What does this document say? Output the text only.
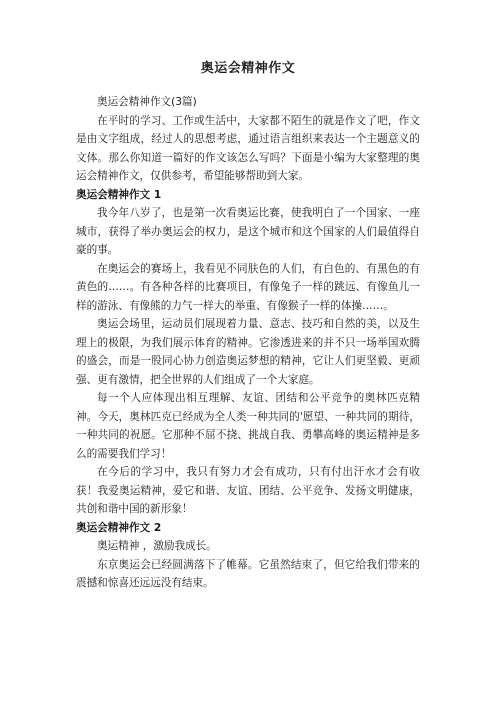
奥运会精神作文

奥运会精神作文(3篇)

在平时的学习、工作或生活中，大家都不陌生的就是作文了吧，作文是由文字组成，经过人的思想考虑，通过语言组织来表达一个主题意义的文体。那么你知道一篇好的作文该怎么写吗？下面是小编为大家整理的奥运会精神作文，仅供参考，希望能够帮助到大家。

奥运会精神作文 1

我今年八岁了，也是第一次看奥运比赛，使我明白了一个国家、一座城市，获得了举办奥运会的权力，是这个城市和这个国家的人们最值得自豪的事。

在奥运会的赛场上，我看见不同肤色的人们，有白色的、有黑色的有黄色的……。有各种各样的比赛项目，有像兔子一样的跳远、有像鱼儿一样的游泳、有像熊的力气一样大的举重、有像猴子一样的体操……。

奥运会场里，运动员们展现着力量、意志、技巧和自然的美，以及生理上的极限，为我们展示体育的精神。它渗透进来的并不只一场举国欢腾的盛会，而是一股同心协力创造奥运梦想的精神，它让人们更坚毅、更顽强、更有激情，把全世界的人们组成了一个大家庭。

每一个人应体现出相互理解、友谊、团结和公平竞争的奥林匹克精神。今天，奥林匹克已经成为全人类一种共同的'愿望、一种共同的期待，一种共同的祝愿。它那种不屈不挠、挑战自我、勇攀高峰的奥运精神是多么的需要我们学习！

在今后的学习中，我只有努力才会有成功，只有付出汗水才会有收获！我爱奥运精神，爱它和谐、友谊、团结、公平竞争、发扬文明健康，共创和谐中国的新形象！

奥运会精神作文 2

奥运精神 ，激励我成长。

东京奥运会已经圆满落下了帷幕。它虽然结束了，但它给我们带来的震撼和惊喜还远远没有结束。
